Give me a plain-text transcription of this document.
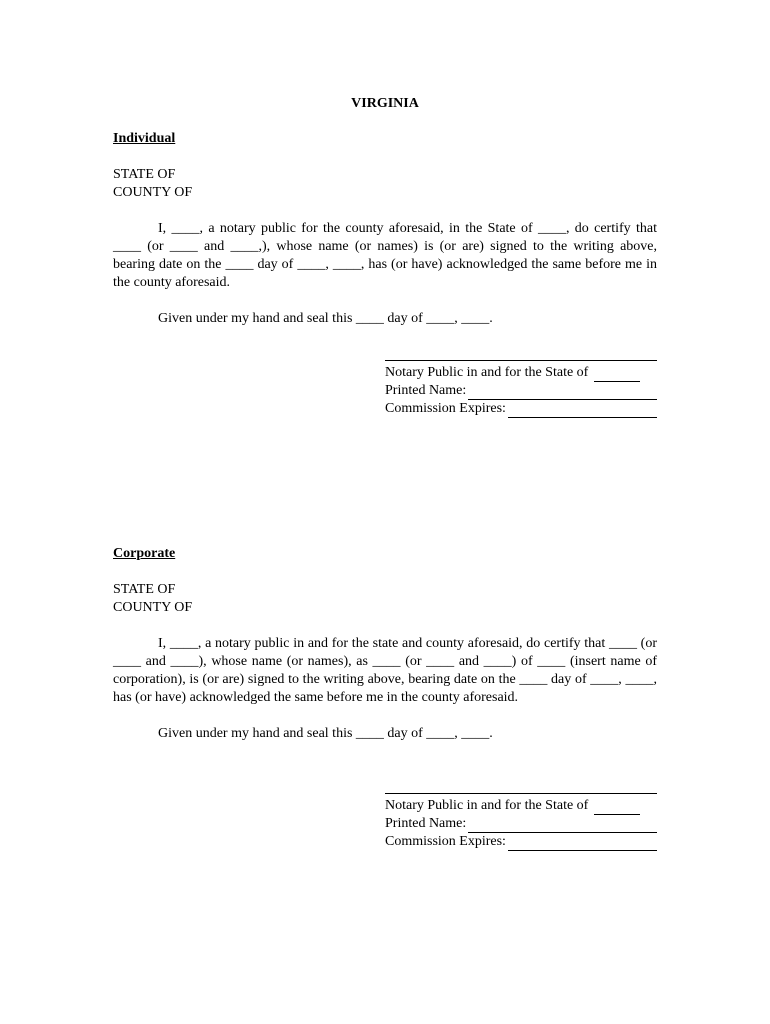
VIRGINIA
Individual
STATE OF
COUNTY OF
I, ____, a notary public for the county aforesaid, in the State of ____, do certify that ____ (or ____ and ____,), whose name (or names) is (or are) signed to the writing above, bearing date on the ____ day of ____, ____, has (or have) acknowledged the same before me in the county aforesaid.
Given under my hand and seal this ____ day of ____, ____.
Notary Public in and for the State of
Printed Name:
Commission Expires:
Corporate
STATE OF
COUNTY OF
I, ____, a notary public in and for the state and county aforesaid, do certify that ____ (or ____ and ____), whose name (or names), as ____ (or ____ and ____) of ____ (insert name of corporation), is (or are) signed to the writing above, bearing date on the ____ day of ____, ____, has (or have) acknowledged the same before me in the county aforesaid.
Given under my hand and seal this ____ day of ____, ____.
Notary Public in and for the State of
Printed Name:
Commission Expires:
